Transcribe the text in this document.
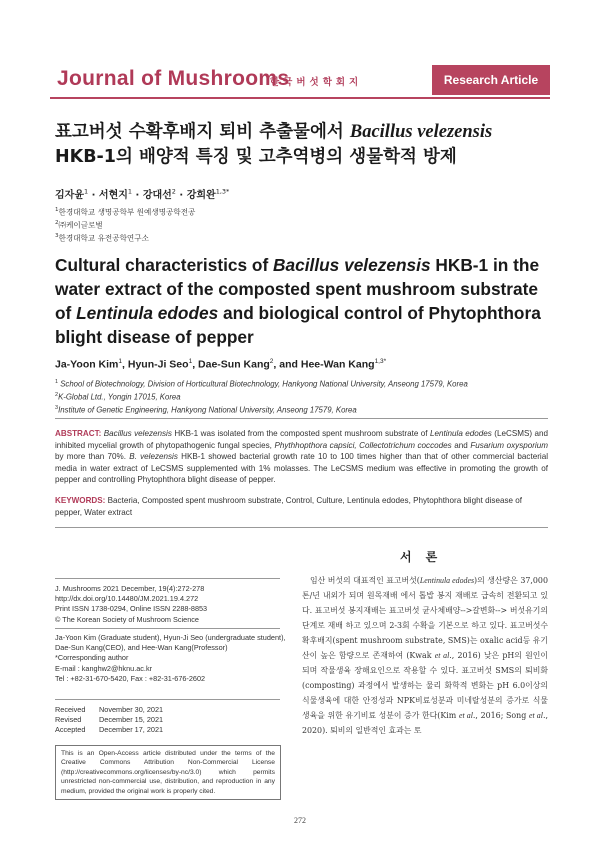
Journal of Mushrooms
한국버섯학회지	Research Article
표고버섯 수확후배지 퇴비 추출물에서 Bacillus velezensis
HKB-1의 배양적 특징 및 고추역병의 생물학적 방제
김자윤$^1$ · 서현지$^1$ · 강대선$^2$ · 강희완$^{1,3*}$
$^1$한경대학교 생명공학부 원예생명공학전공
$^2$㈜케이글로벌
$^3$한경대학교 유전공학연구소
Cultural characteristics of Bacillus velezensis HKB-1 in the water extract of the composted spent mushroom substrate of Lentinula edodes and biological control of Phytophthora blight disease of pepper
Ja-Yoon Kim$^1$, Hyun-Ji Seo$^1$, Dae-Sun Kang$^2$, and Hee-Wan Kang$^{1,3*}$
$^1$ School of Biotechnology, Division of Horticultural Biotechnology, Hankyong National University, Anseong 17579, Korea
$^2$K-Global Ltd., Yongin 17015, Korea
$^3$Institute of Genetic Engineering, Hankyong National University, Anseong 17579, Korea
ABSTRACT: Bacillus velezensis HKB-1 was isolated from the composted spent mushroom substrate of Lentinula edodes (LeCSMS) and inhibited mycelial growth of phytopathogenic fungal species, Phythhopthora capsici, Collectotrichum coccodes and Fusarium oxysporium by more than 70%. B. velezensis HKB-1 showed bacterial growth rate 10 to 100 times higher than that of other commercial bacterial media in water extract of LeCSMS supplemented with 1% molasses. The LeCSMS medium was effective in promoting the growth of pepper and controlling Phytophthora blight disease of pepper.
KEYWORDS: Bacteria, Composted spent mushroom substrate, Control, Culture, Lentinula edodes, Phytophthora blight disease of pepper, Water extract
서론
J. Mushrooms 2021 December, 19(4):272-278
http://dx.doi.org/10.14480/JM.2021.19.4.272
Print ISSN 1738-0294, Online ISSN 2288-8853
© The Korean Society of Mushroom Science
Ja-Yoon Kim (Graduate student), Hyun-Ji Seo (undergraduate student),
Dae-Sun Kang(CEO), and Hee-Wan Kang(Professor)
*Corresponding author
E-mail : kanghw2@hknu.ac.kr
Tel : +82-31-670-5420, Fax : +82-31-676-2602
Received November 30, 2021
Revised December 15, 2021
Accepted December 17, 2021
This is an Open-Access article distributed under the terms of the Creative Commons Attribution Non-Commercial License (http://creativecommons.org/licenses/by-nc/3.0) which permits unrestricted non-commercial use, distribution, and reproduction in any medium, provided the original work is properly cited.
임산 버섯의 대표적인 표고버섯(Lentinula edodes)의 생산량은 37,000톤/년 내외가 되며 원목재배 에서 톱밥 봉지 재배로 급속히 전환되고 있다. 표고버섯 봉지재배는 표고버섯 균사체배양-->갈변화--> 버섯유기의 단계로 재배 하고 있으며 2-3회 수확을 기본으로 하고 있다. 표고버섯수확후배지(spent mushroom substrate, SMS)는 oxalic acid등 유기산이 높은 함량으로 존재하여 (Kwak et al., 2016) 낮은 pH의 원인이 되며 작물생육 장해요인으로 작용할 수 있다. 표고버섯 SMS의 퇴비화(composting) 과정에서 발생하는 물리 화학적 변화는 pH 6.0이상의 식물생육에 대한 안정성과 NPK비료성분과 미네랄성분의 증가로 식물생육을 위한 유기비료 성분이 증가 한다(Kim et al., 2016; Song et al., 2020). 퇴비의 일반적인 효과는 토
272
